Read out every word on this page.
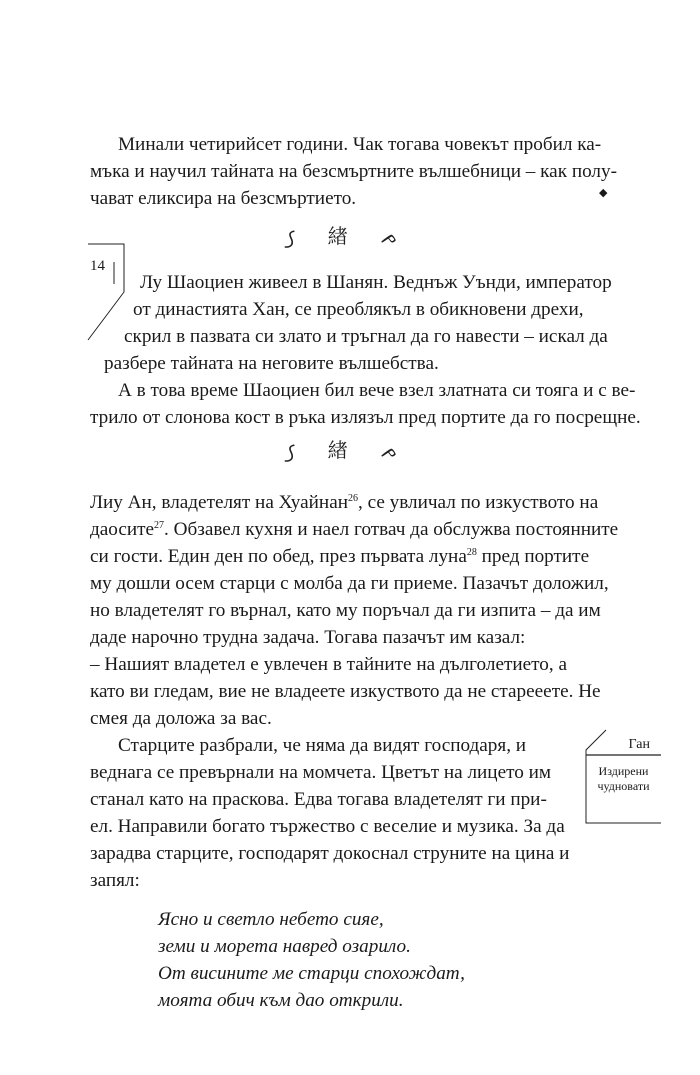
Минали четирийсет години. Чак тогава човекът пробил ка-

мъка и научил тайната на безсмъртните вълшебници – как полу-

чават еликсира на безсмъртието.	◆
꠹ 緖 ᨍ
14

Лу Шаоциен живеел в Шанян. Веднъж Уънди, император

от династията Хан, се преоблякъл в обикновени дрехи,

скрил в пазвата си злато и тръгнал да го навести – искал да

разбере тайната на неговите вълшебства.

А в това време Шаоциен бил вече взел златната си тояга и с ве-

трило от слонова кост в ръка излязъл пред портите да го посрещне.

꠹ 緖 ᨍ

Лиу Ан, владетелят на Хуайнан$^{26}$, се увличал по изкуството на

даосите$^{27}$. Обзавел кухня и наел готвач да обслужва постоянните

си гости. Един ден по обед, през първата луна$^{28}$ пред портите

му дошли осем старци с молба да ги приеме. Пазачът доложил,

но владетелят го върнал, като му поръчал да ги изпита – да им

даде нарочно трудна задача. Тогава пазачът им казал:

– Нашият владетел е увлечен в тайните на дълголетието, а

като ви гледам, вие не владеете изкуството да не старееете. Не

смея да доложа за вас.

Старците разбрали, че няма да видят господаря, и

веднага се превърнали на момчета. Цветът на лицето им

станал като на праскова. Едва тогава владетелят ги при-

ел. Направили богато тържество с веселие и музика. За да

зарадва старците, господарят докоснал струните на цина и

запял:

Ган
Издирени
чудновати

Ясно и светло небето сияе,

земи и морета навред озарило.

От висините ме старци спохождат,

моята обич към дао открили.
